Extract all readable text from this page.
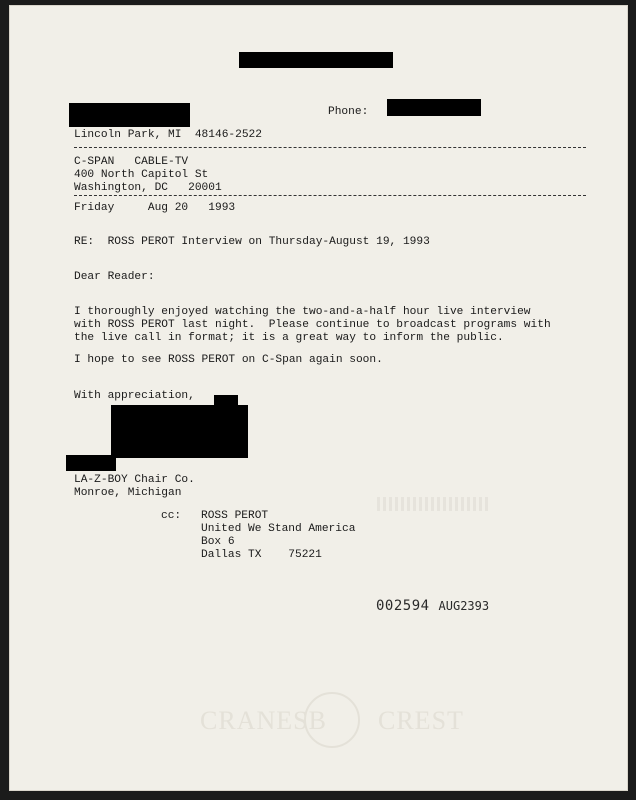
Phone:
Lincoln Park, MI  48146-2522
C-SPAN   CABLE-TV
400 North Capitol St
Washington, DC   20001
Friday     Aug 20   1993
RE:  ROSS PEROT Interview on Thursday-August 19, 1993
Dear Reader:
I thoroughly enjoyed watching the two-and-a-half hour live interview
with ROSS PEROT last night.  Please continue to broadcast programs with
the live call in format; it is a great way to inform the public.
I hope to see ROSS PEROT on C-Span again soon.
With appreciation,
LA-Z-BOY Chair Co.
Monroe, Michigan
cc: ROSS PEROT
United We Stand America
Box 6
Dallas TX    75221
002594 AUG2393
CRANESB CREST
